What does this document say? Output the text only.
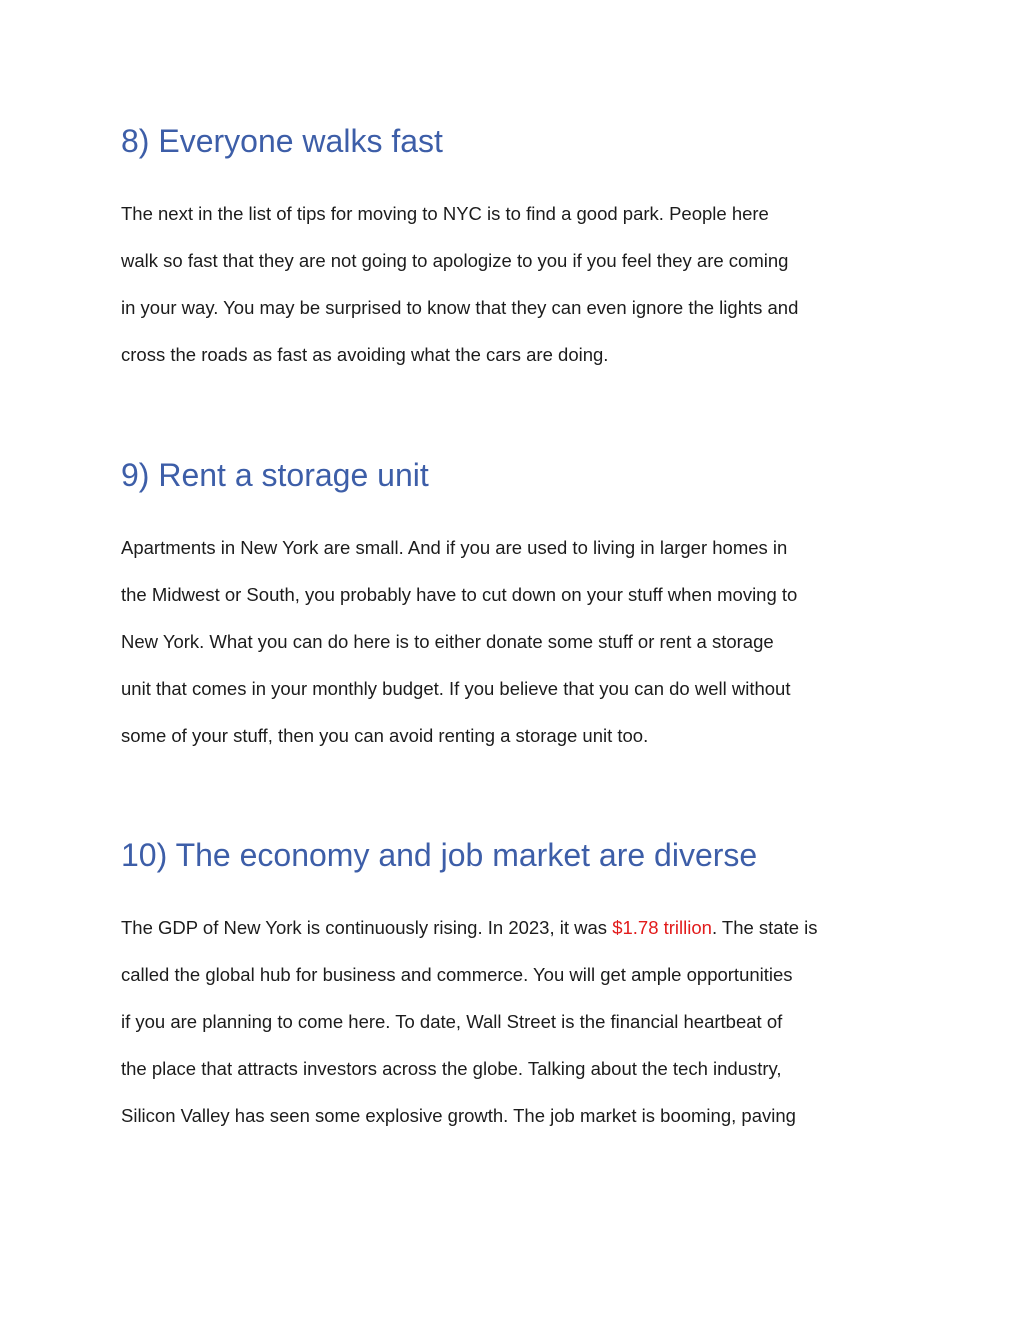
8) Everyone walks fast

The next in the list of tips for moving to NYC is to find a good park. People here
walk so fast that they are not going to apologize to you if you feel they are coming
in your way. You may be surprised to know that they can even ignore the lights and
cross the roads as fast as avoiding what the cars are doing.

9) Rent a storage unit

Apartments in New York are small. And if you are used to living in larger homes in
the Midwest or South, you probably have to cut down on your stuff when moving to
New York. What you can do here is to either donate some stuff or rent a storage
unit that comes in your monthly budget. If you believe that you can do well without
some of your stuff, then you can avoid renting a storage unit too.

10) The economy and job market are diverse

The GDP of New York is continuously rising. In 2023, it was $1.78 trillion. The state is
called the global hub for business and commerce. You will get ample opportunities
if you are planning to come here. To date, Wall Street is the financial heartbeat of
the place that attracts investors across the globe. Talking about the tech industry,
Silicon Valley has seen some explosive growth. The job market is booming, paving
